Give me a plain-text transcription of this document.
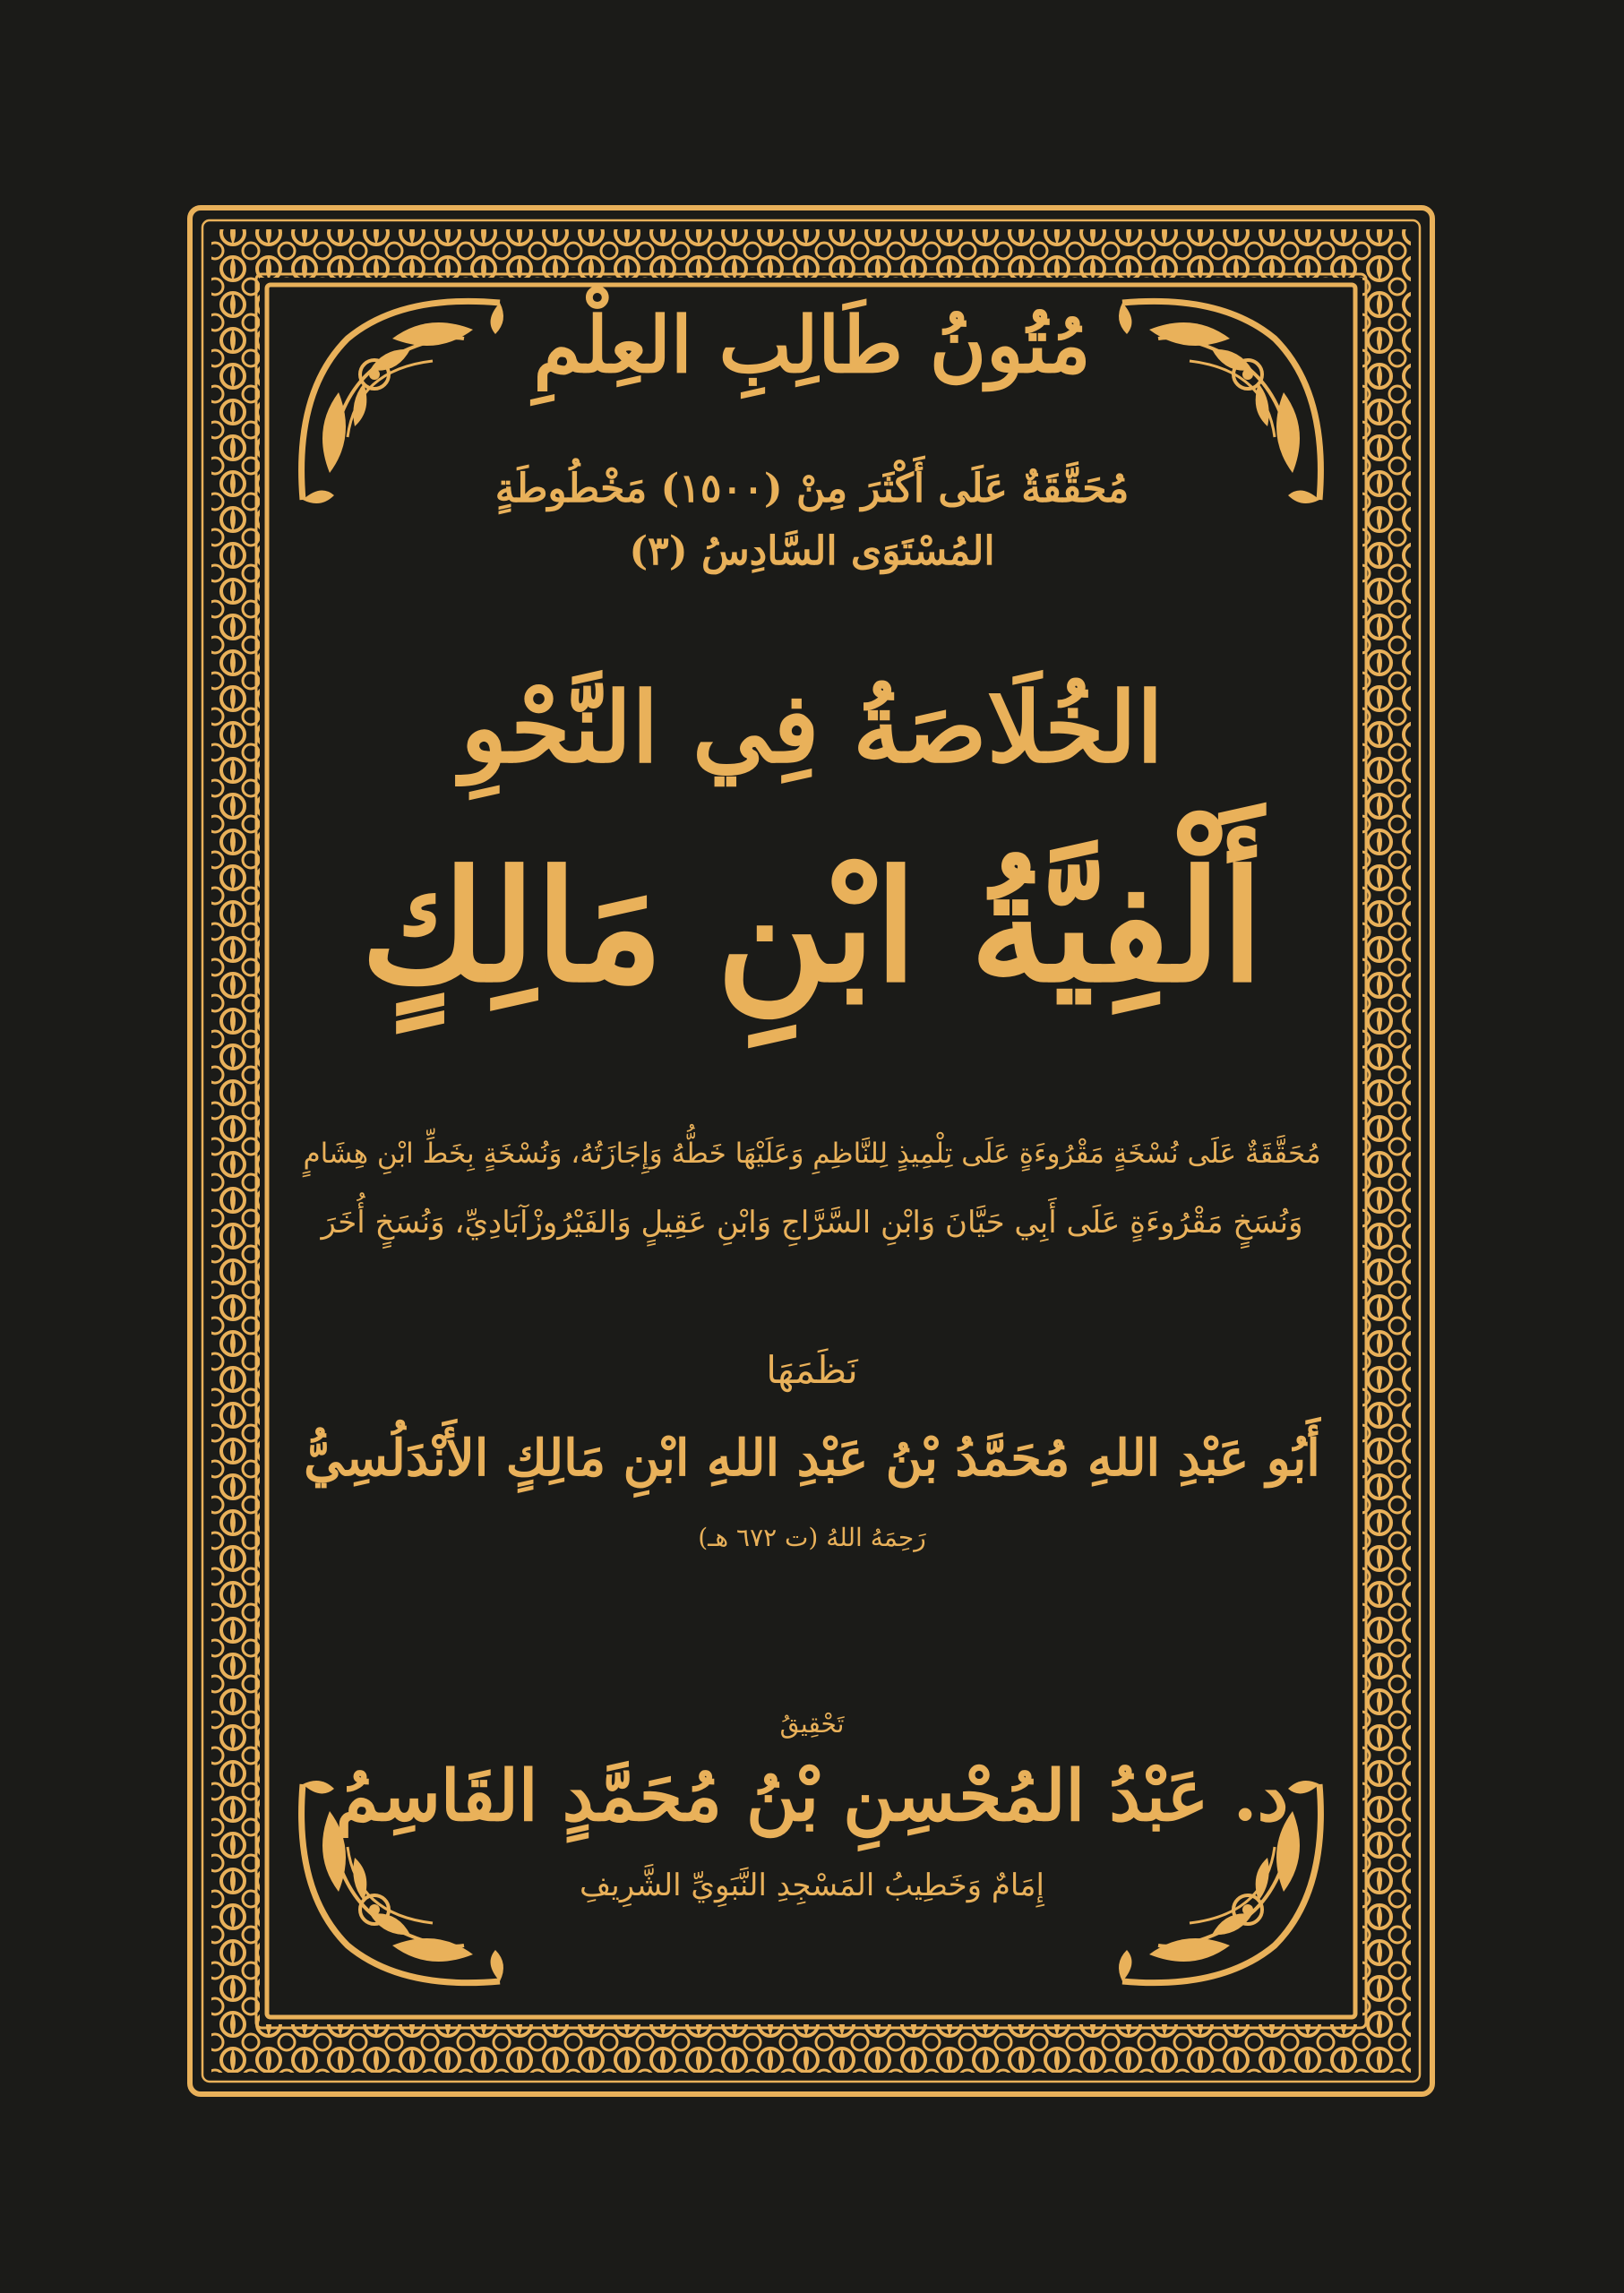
مُتُونُ طَالِبِ العِلْمِ
مُحَقَّقَةٌ عَلَى أَكْثَرَ مِنْ (١٥٠٠) مَخْطُوطَةٍ
المُسْتَوَى السَّادِسُ (٣)
الخُلَاصَةُ فِي النَّحْوِ
أَلْفِيَّةُ ابْنِ مَالِكٍ
مُحَقَّقَةٌ عَلَى نُسْخَةٍ مَقْرُوءَةٍ عَلَى تِلْمِيذٍ لِلنَّاظِمِ وَعَلَيْهَا خَطُّهُ وَإِجَازَتُهُ، وَنُسْخَةٍ بِخَطِّ ابْنِ هِشَامٍ
وَنُسَخٍ مَقْرُوءَةٍ عَلَى أَبِي حَيَّانَ وَابْنِ السَّرَّاجِ وَابْنِ عَقِيلٍ وَالفَيْرُوزْآبَادِيِّ، وَنُسَخٍ أُخَرَ
نَظَمَهَا
أَبُو عَبْدِ اللهِ مُحَمَّدُ بْنُ عَبْدِ اللهِ ابْنِ مَالِكٍ الأَنْدَلُسِيُّ
رَحِمَهُ اللهُ (ت ٦٧٢ هـ)
تَحْقِيقُ
د. عَبْدُ المُحْسِنِ بْنُ مُحَمَّدٍ القَاسِمُ
إِمَامٌ وَخَطِيبُ المَسْجِدِ النَّبَوِيِّ الشَّرِيفِ
